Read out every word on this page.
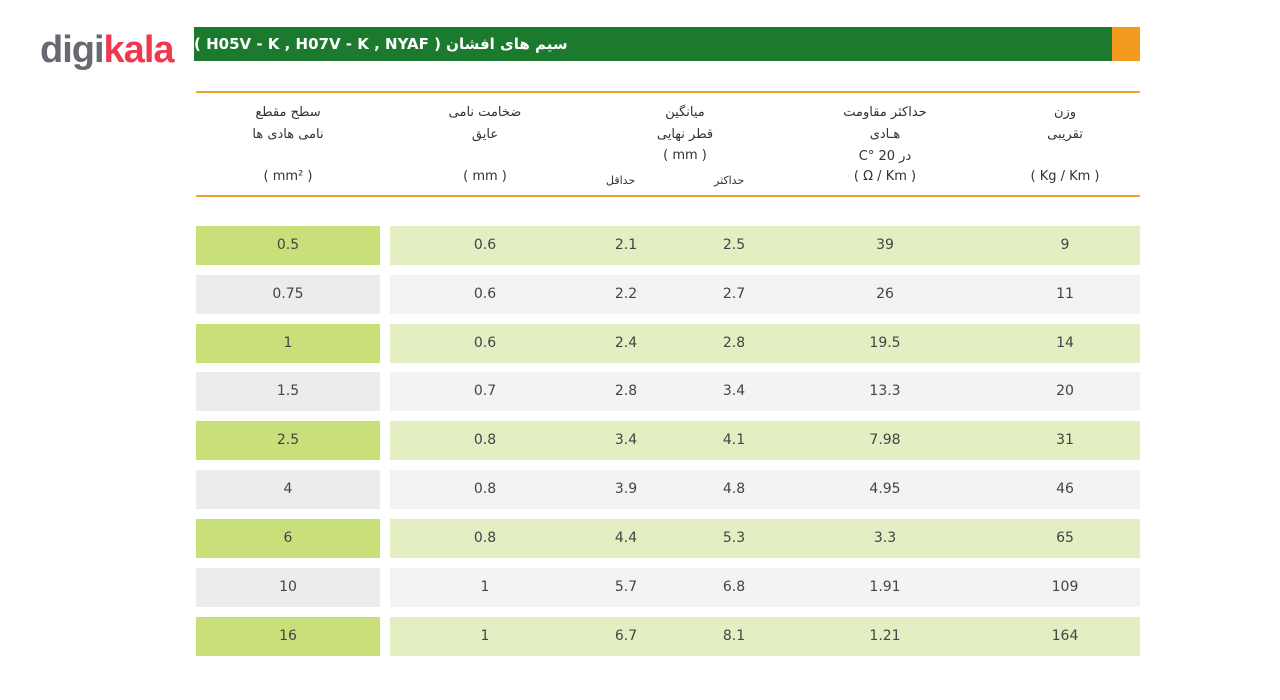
digikala سیم های افشان ( H05V - K , H07V - K , NYAF )
سطح مقطع
نامی هادی ها
( mm² )
ضخامت نامی
عایق
( mm )
میانگین
قطر نهایی
( mm )
حداقل	حداکثر
حداکثر مقاومت
هـادی
در 20 °C
( Ω / Km )
وزن
تقریبی
( Kg / Km )
0.5	0.6	2.1	2.5	39	9
0.75	0.6	2.2	2.7	26	11
1	0.6	2.4	2.8	19.5	14
1.5	0.7	2.8	3.4	13.3	20
2.5	0.8	3.4	4.1	7.98	31
4	0.8	3.9	4.8	4.95	46
6	0.8	4.4	5.3	3.3	65
10	1	5.7	6.8	1.91	109
16	1	6.7	8.1	1.21	164
